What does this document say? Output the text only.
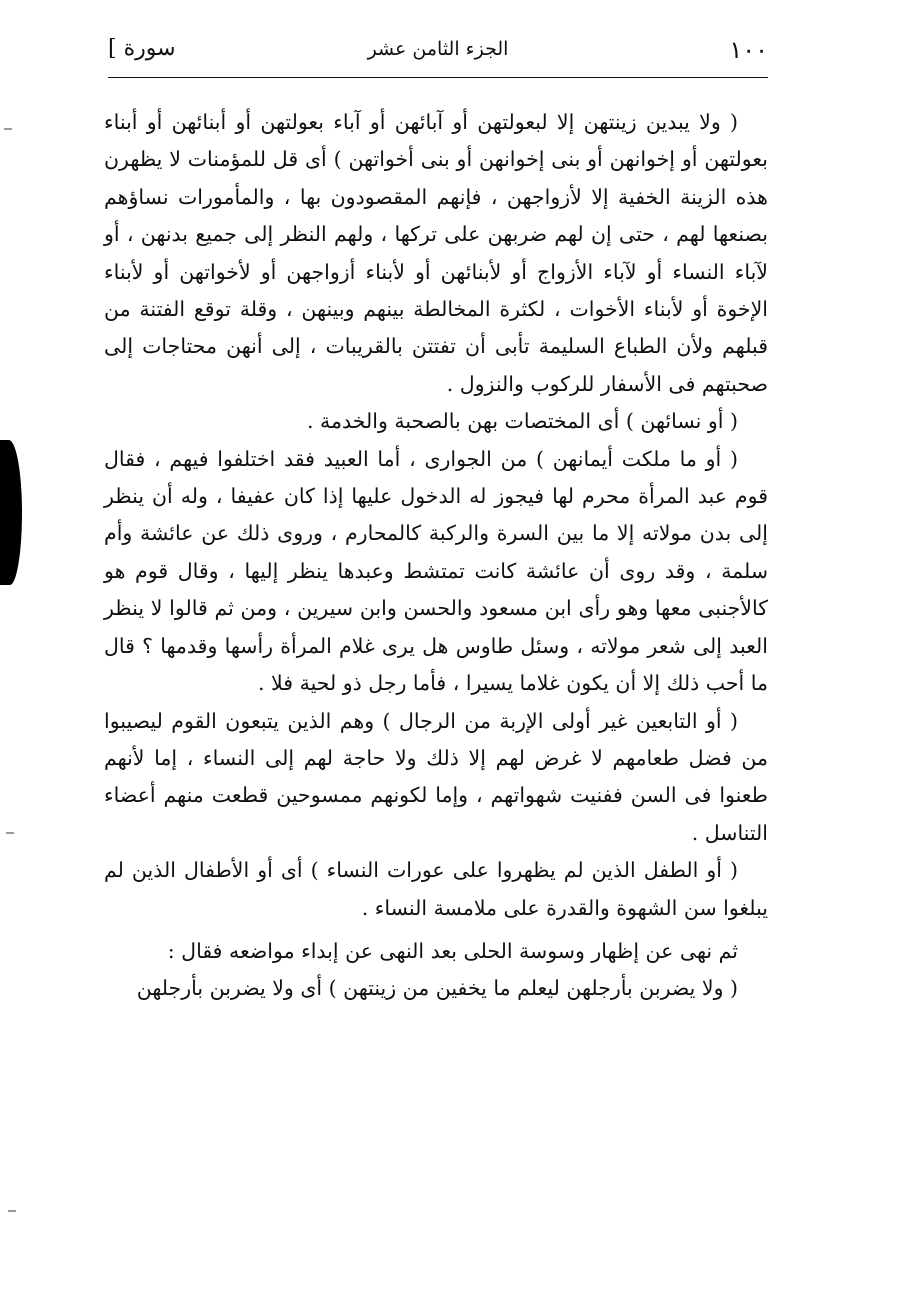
١٠٠
الجزء الثامن عشر
سورة ]

( ولا يبدين زينتهن إلا لبعولتهن أو آبائهن أو آباء بعولتهن أو أبنائهن أو أبناء بعولتهن أو إخوانهن أو بنى إخوانهن أو بنى أخواتهن ) أى قل للمؤمنات لا يظهرن هذه الزينة الخفية إلا لأزواجهن ، فإنهم المقصودون بها ، والمأمورات نساؤهم بصنعها لهم ، حتى إن لهم ضربهن على تركها ، ولهم النظر إلى جميع بدنهن ، أو لآباء النساء أو لآباء الأزواج أو لأبنائهن أو لأبناء أزواجهن أو لأخواتهن أو لأبناء الإخوة أو لأبناء الأخوات ، لكثرة المخالطة بينهم وبينهن ، وقلة توقع الفتنة من قبلهم ولأن الطباع السليمة تأبى أن تفتتن بالقريبات ، إلى أنهن محتاجات إلى صحبتهم فى الأسفار للركوب والنزول .

( أو نسائهن ) أى المختصات بهن بالصحبة والخدمة .

( أو ما ملكت أيمانهن ) من الجوارى ، أما العبيد فقد اختلفوا فيهم ، فقال قوم عبد المرأة محرم لها فيجوز له الدخول عليها إذا كان عفيفا ، وله أن ينظر إلى بدن مولاته إلا ما بين السرة والركبة كالمحارم ، وروى ذلك عن عائشة وأم سلمة ، وقد روى أن عائشة كانت تمتشط وعبدها ينظر إليها ، وقال قوم هو كالأجنبى معها وهو رأى ابن مسعود والحسن وابن سيرين ، ومن ثم قالوا لا ينظر العبد إلى شعر مولاته ، وسئل طاوس هل يرى غلام المرأة رأسها وقدمها ؟ قال ما أحب ذلك إلا أن يكون غلاما يسيرا ، فأما رجل ذو لحية فلا .

( أو التابعين غير أولى الإربة من الرجال ) وهم الذين يتبعون القوم ليصيبوا من فضل طعامهم لا غرض لهم إلا ذلك ولا حاجة لهم إلى النساء ، إما لأنهم طعنوا فى السن ففنيت شهواتهم ، وإما لكونهم ممسوحين قطعت منهم أعضاء التناسل .

( أو الطفل الذين لم يظهروا على عورات النساء ) أى أو الأطفال الذين لم يبلغوا سن الشهوة والقدرة على ملامسة النساء .

ثم نهى عن إظهار وسوسة الحلى بعد النهى عن إبداء مواضعه فقال :

( ولا يضربن بأرجلهن ليعلم ما يخفين من زينتهن ) أى ولا يضربن بأرجلهن
